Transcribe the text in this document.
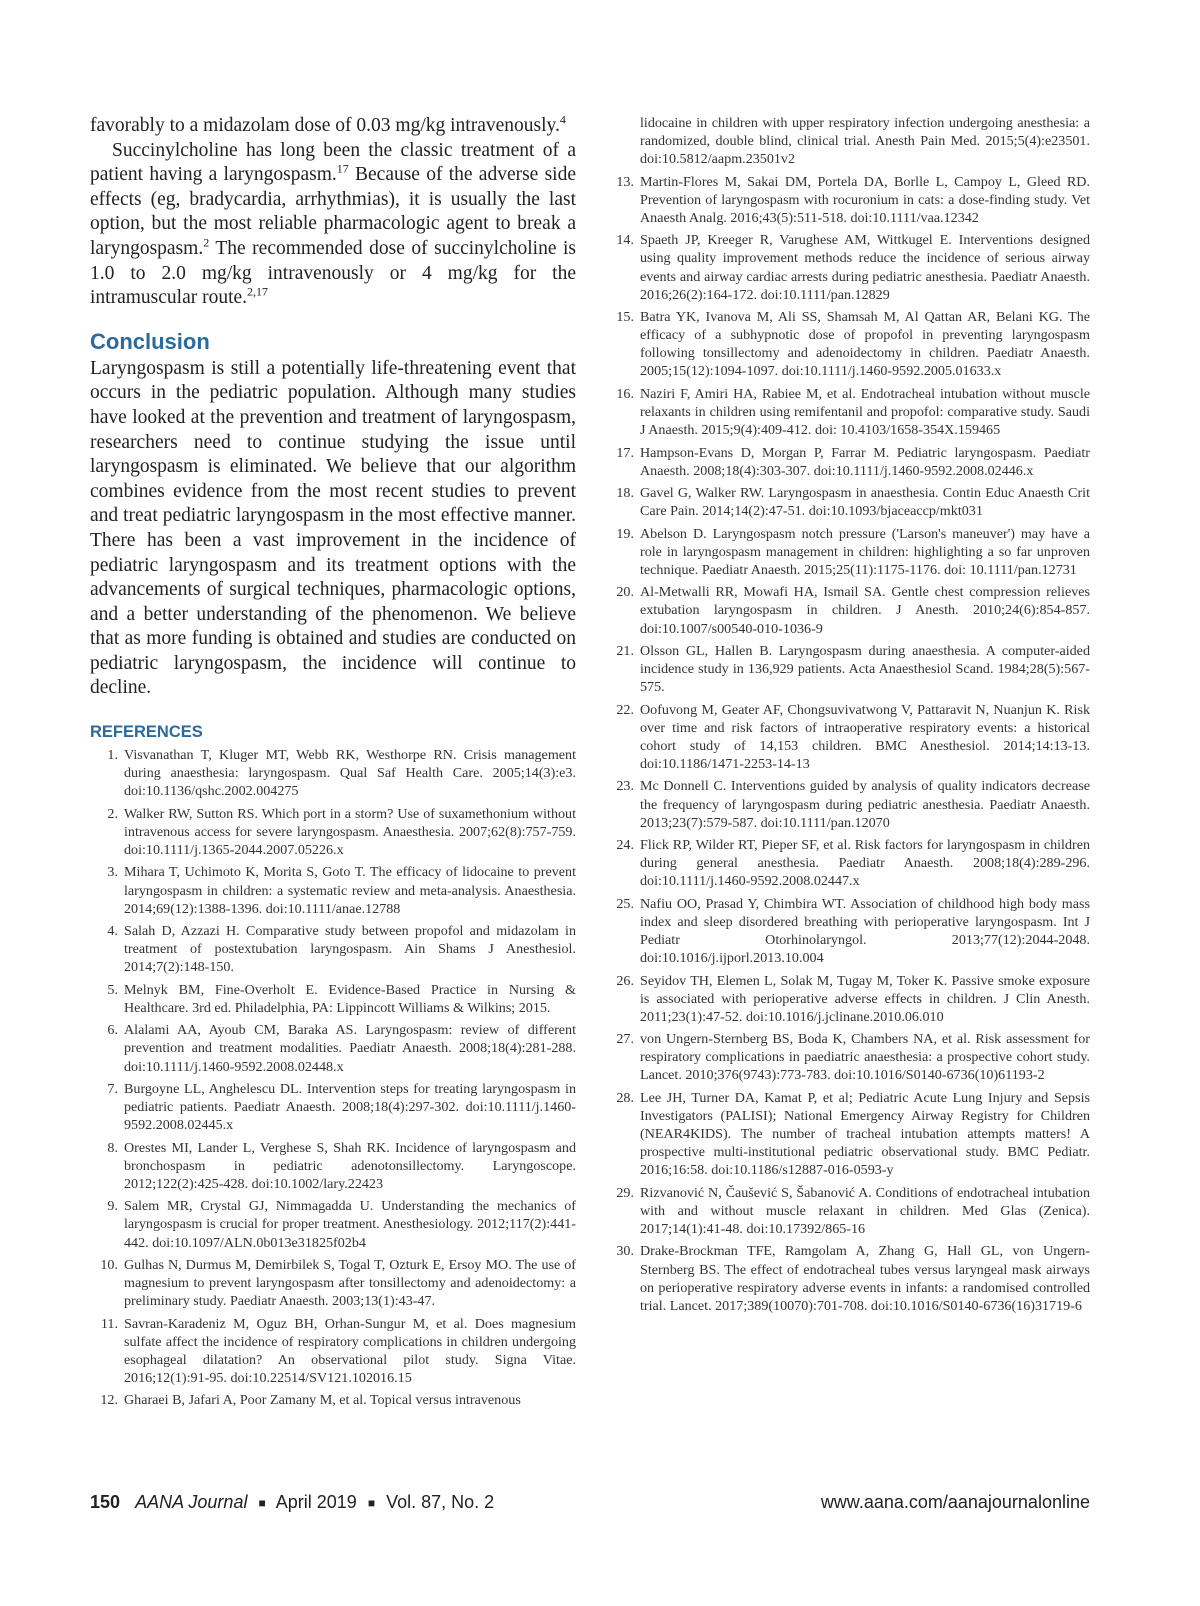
favorably to a midazolam dose of 0.03 mg/kg intravenously.$^4$

Succinylcholine has long been the classic treatment of a patient having a laryngospasm.$^{17}$ Because of the adverse side effects (eg, bradycardia, arrhythmias), it is usually the last option, but the most reliable pharmacologic agent to break a laryngospasm.$^2$ The recommended dose of succinylcholine is 1.0 to 2.0 mg/kg intravenously or 4 mg/kg for the intramuscular route.$^{2,17}$

Conclusion

Laryngospasm is still a potentially life-threatening event that occurs in the pediatric population. Although many studies have looked at the prevention and treatment of laryngospasm, researchers need to continue studying the issue until laryngospasm is eliminated. We believe that our algorithm combines evidence from the most recent studies to prevent and treat pediatric laryngospasm in the most effective manner. There has been a vast improvement in the incidence of pediatric laryngospasm and its treatment options with the advancements of surgical techniques, pharmacologic options, and a better understanding of the phenomenon. We believe that as more funding is obtained and studies are conducted on pediatric laryngospasm, the incidence will continue to decline.

REFERENCES
1. Visvanathan T, Kluger MT, Webb RK, Westhorpe RN. Crisis management during anaesthesia: laryngospasm. Qual Saf Health Care. 2005;14(3):e3. doi:10.1136/qshc.2002.004275
2. Walker RW, Sutton RS. Which port in a storm? Use of suxamethonium without intravenous access for severe laryngospasm. Anaesthesia. 2007;62(8):757-759. doi:10.1111/j.1365-2044.2007.05226.x
3. Mihara T, Uchimoto K, Morita S, Goto T. The efficacy of lidocaine to prevent laryngospasm in children: a systematic review and meta-analysis. Anaesthesia. 2014;69(12):1388-1396. doi:10.1111/anae.12788
4. Salah D, Azzazi H. Comparative study between propofol and midazolam in treatment of postextubation laryngospasm. Ain Shams J Anesthesiol. 2014;7(2):148-150.
5. Melnyk BM, Fine-Overholt E. Evidence-Based Practice in Nursing & Healthcare. 3rd ed. Philadelphia, PA: Lippincott Williams & Wilkins; 2015.
6. Alalami AA, Ayoub CM, Baraka AS. Laryngospasm: review of different prevention and treatment modalities. Paediatr Anaesth. 2008;18(4):281-288. doi:10.1111/j.1460-9592.2008.02448.x
7. Burgoyne LL, Anghelescu DL. Intervention steps for treating laryngospasm in pediatric patients. Paediatr Anaesth. 2008;18(4):297-302. doi:10.1111/j.1460-9592.2008.02445.x
8. Orestes MI, Lander L, Verghese S, Shah RK. Incidence of laryngospasm and bronchospasm in pediatric adenotonsillectomy. Laryngoscope. 2012;122(2):425-428. doi:10.1002/lary.22423
9. Salem MR, Crystal GJ, Nimmagadda U. Understanding the mechanics of laryngospasm is crucial for proper treatment. Anesthesiology. 2012;117(2):441-442. doi:10.1097/ALN.0b013e31825f02b4
10. Gulhas N, Durmus M, Demirbilek S, Togal T, Ozturk E, Ersoy MO. The use of magnesium to prevent laryngospasm after tonsillectomy and adenoidectomy: a preliminary study. Paediatr Anaesth. 2003;13(1):43-47.
11. Savran-Karadeniz M, Oguz BH, Orhan-Sungur M, et al. Does magnesium sulfate affect the incidence of respiratory complications in children undergoing esophageal dilatation? An observational pilot study. Signa Vitae. 2016;12(1):91-95. doi:10.22514/SV121.102016.15
12. Gharaei B, Jafari A, Poor Zamany M, et al. Topical versus intravenous

lidocaine in children with upper respiratory infection undergoing anesthesia: a randomized, double blind, clinical trial. Anesth Pain Med. 2015;5(4):e23501. doi:10.5812/aapm.23501v2

13. Martin-Flores M, Sakai DM, Portela DA, Borlle L, Campoy L, Gleed RD. Prevention of laryngospasm with rocuronium in cats: a dose-finding study. Vet Anaesth Analg. 2016;43(5):511-518. doi:10.1111/vaa.12342
14. Spaeth JP, Kreeger R, Varughese AM, Wittkugel E. Interventions designed using quality improvement methods reduce the incidence of serious airway events and airway cardiac arrests during pediatric anesthesia. Paediatr Anaesth. 2016;26(2):164-172. doi:10.1111/pan.12829
15. Batra YK, Ivanova M, Ali SS, Shamsah M, Al Qattan AR, Belani KG. The efficacy of a subhypnotic dose of propofol in preventing laryngospasm following tonsillectomy and adenoidectomy in children. Paediatr Anaesth. 2005;15(12):1094-1097. doi:10.1111/j.1460-9592.2005.01633.x
16. Naziri F, Amiri HA, Rabiee M, et al. Endotracheal intubation without muscle relaxants in children using remifentanil and propofol: comparative study. Saudi J Anaesth. 2015;9(4):409-412. doi: 10.4103/1658-354X.159465
17. Hampson-Evans D, Morgan P, Farrar M. Pediatric laryngospasm. Paediatr Anaesth. 2008;18(4):303-307. doi:10.1111/j.1460-9592.2008.02446.x
18. Gavel G, Walker RW. Laryngospasm in anaesthesia. Contin Educ Anaesth Crit Care Pain. 2014;14(2):47-51. doi:10.1093/bjaceaccp/mkt031
19. Abelson D. Laryngospasm notch pressure ('Larson's maneuver') may have a role in laryngospasm management in children: highlighting a so far unproven technique. Paediatr Anaesth. 2015;25(11):1175-1176. doi: 10.1111/pan.12731
20. Al-Metwalli RR, Mowafi HA, Ismail SA. Gentle chest compression relieves extubation laryngospasm in children. J Anesth. 2010;24(6):854-857. doi:10.1007/s00540-010-1036-9
21. Olsson GL, Hallen B. Laryngospasm during anaesthesia. A computer-aided incidence study in 136,929 patients. Acta Anaesthesiol Scand. 1984;28(5):567-575.
22. Oofuvong M, Geater AF, Chongsuvivatwong V, Pattaravit N, Nuanjun K. Risk over time and risk factors of intraoperative respiratory events: a historical cohort study of 14,153 children. BMC Anesthesiol. 2014;14:13-13. doi:10.1186/1471-2253-14-13
23. Mc Donnell C. Interventions guided by analysis of quality indicators decrease the frequency of laryngospasm during pediatric anesthesia. Paediatr Anaesth. 2013;23(7):579-587. doi:10.1111/pan.12070
24. Flick RP, Wilder RT, Pieper SF, et al. Risk factors for laryngospasm in children during general anesthesia. Paediatr Anaesth. 2008;18(4):289-296. doi:10.1111/j.1460-9592.2008.02447.x
25. Nafiu OO, Prasad Y, Chimbira WT. Association of childhood high body mass index and sleep disordered breathing with perioperative laryngospasm. Int J Pediatr Otorhinolaryngol. 2013;77(12):2044-2048. doi:10.1016/j.ijporl.2013.10.004
26. Seyidov TH, Elemen L, Solak M, Tugay M, Toker K. Passive smoke exposure is associated with perioperative adverse effects in children. J Clin Anesth. 2011;23(1):47-52. doi:10.1016/j.jclinane.2010.06.010
27. von Ungern-Sternberg BS, Boda K, Chambers NA, et al. Risk assessment for respiratory complications in paediatric anaesthesia: a prospective cohort study. Lancet. 2010;376(9743):773-783. doi:10.1016/S0140-6736(10)61193-2
28. Lee JH, Turner DA, Kamat P, et al; Pediatric Acute Lung Injury and Sepsis Investigators (PALISI); National Emergency Airway Registry for Children (NEAR4KIDS). The number of tracheal intubation attempts matters! A prospective multi-institutional pediatric observational study. BMC Pediatr. 2016;16:58. doi:10.1186/s12887-016-0593-y
29. Rizvanović N, Čaušević S, Šabanović A. Conditions of endotracheal intubation with and without muscle relaxant in children. Med Glas (Zenica). 2017;14(1):41-48. doi:10.17392/865-16
30. Drake-Brockman TFE, Ramgolam A, Zhang G, Hall GL, von Ungern-Sternberg BS. The effect of endotracheal tubes versus laryngeal mask airways on perioperative respiratory adverse events in infants: a randomised controlled trial. Lancet. 2017;389(10070):701-708. doi:10.1016/S0140-6736(16)31719-6
150 AANA Journal ■ April 2019 ■ Vol. 87, No. 2	www.aana.com/aanajournalonline
